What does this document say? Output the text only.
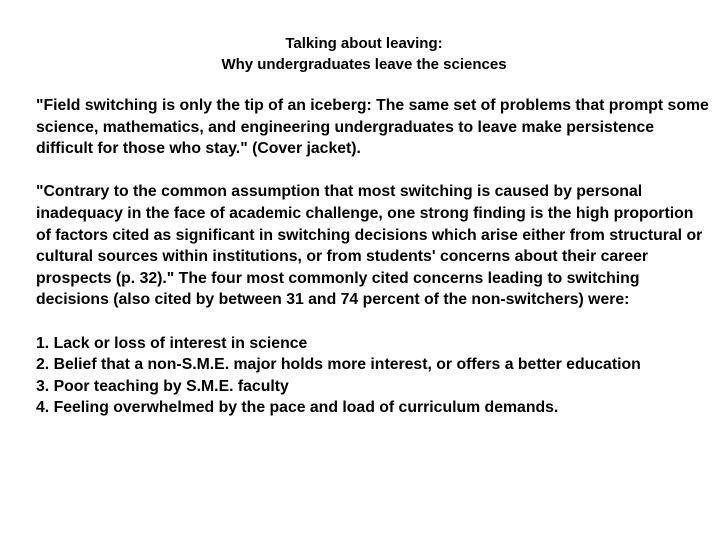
Talking about leaving:
Why undergraduates leave the sciences

"Field switching is only the tip of an iceberg: The same set of problems that prompt some science, mathematics, and engineering undergraduates to leave make persistence difficult for those who stay." (Cover jacket).

"Contrary to the common assumption that most switching is caused by personal inadequacy in the face of academic challenge, one strong finding is the high proportion of factors cited as significant in switching decisions which arise either from structural or cultural sources within institutions, or from students' concerns about their career prospects (p. 32)." The four most commonly cited concerns leading to switching decisions (also cited by between 31 and 74 percent of the non-switchers) were:

1. Lack or loss of interest in science
2. Belief that a non-S.M.E. major holds more interest, or offers a better education
3. Poor teaching by S.M.E. faculty
4. Feeling overwhelmed by the pace and load of curriculum demands.
